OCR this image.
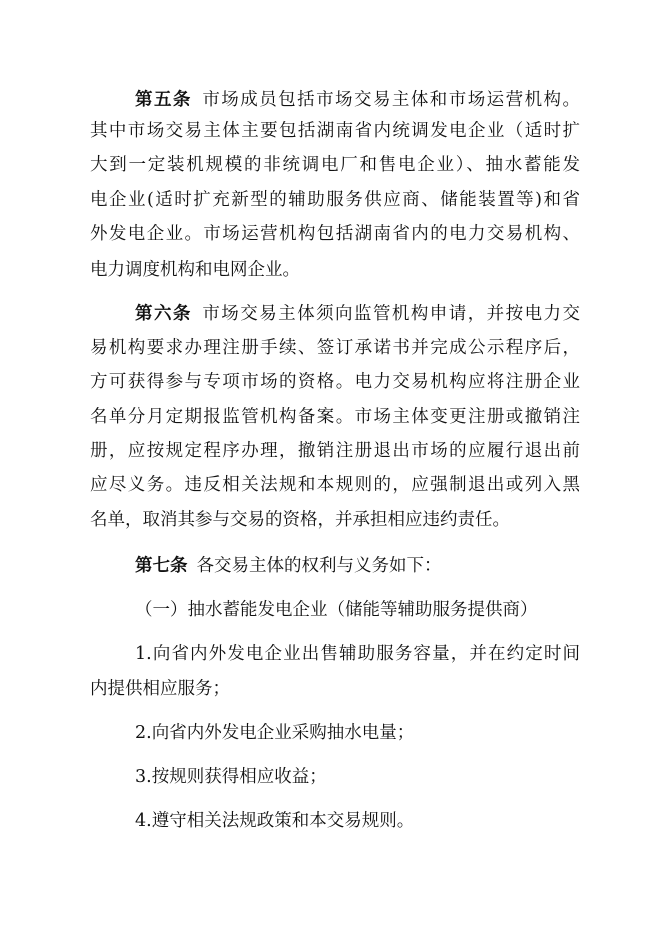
第五条 市场成员包括市场交易主体和市场运营机构。
其中市场交易主体主要包括湖南省内统调发电企业（适时扩
大到一定装机规模的非统调电厂和售电企业）、抽水蓄能发
电企业(适时扩充新型的辅助服务供应商、储能装置等)和省
外发电企业。市场运营机构包括湖南省内的电力交易机构、
电力调度机构和电网企业。
第六条 市场交易主体须向监管机构申请，并按电力交
易机构要求办理注册手续、签订承诺书并完成公示程序后，
方可获得参与专项市场的资格。电力交易机构应将注册企业
名单分月定期报监管机构备案。市场主体变更注册或撤销注
册，应按规定程序办理，撤销注册退出市场的应履行退出前
应尽义务。违反相关法规和本规则的，应强制退出或列入黑
名单，取消其参与交易的资格，并承担相应违约责任。
第七条 各交易主体的权利与义务如下：
（一）抽水蓄能发电企业（储能等辅助服务提供商）
1.向省内外发电企业出售辅助服务容量，并在约定时间
内提供相应服务；
2.向省内外发电企业采购抽水电量；
3.按规则获得相应收益；
4.遵守相关法规政策和本交易规则。
